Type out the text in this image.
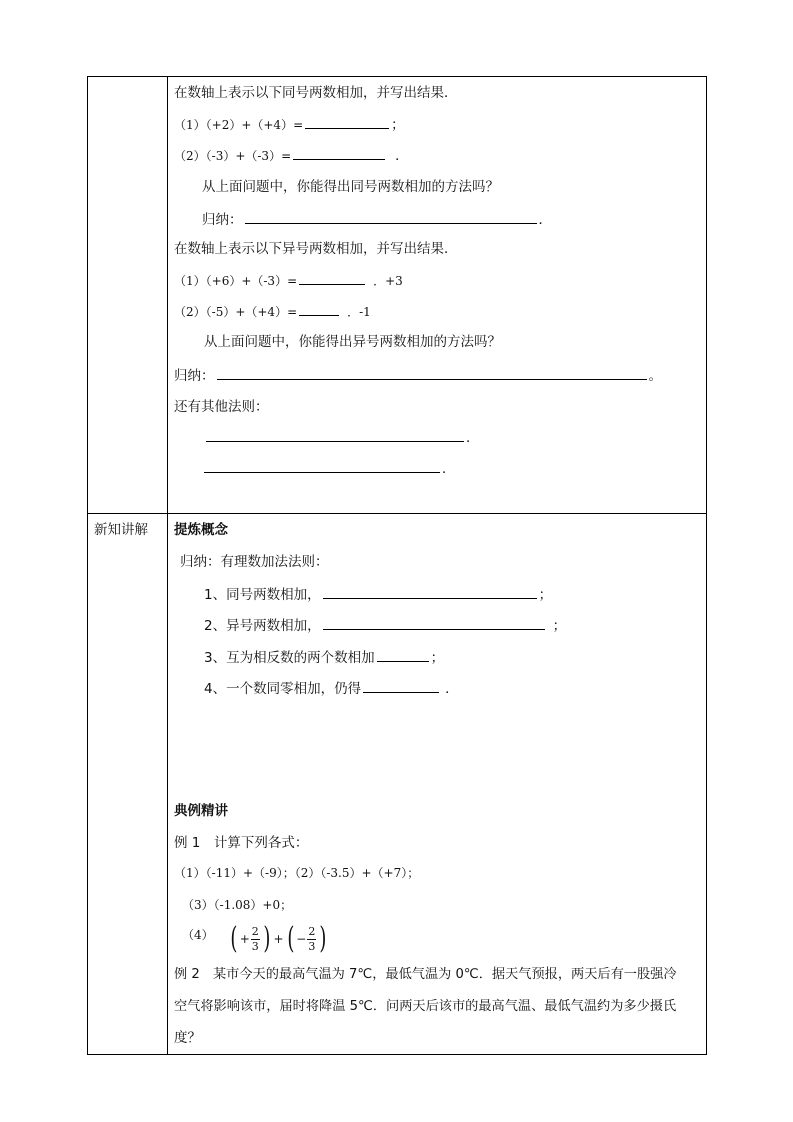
在数轴上表示以下同号两数相加，并写出结果．
（1）（+2）+（+4）=	；
（2）（-3）+（-3）=	．
从上面问题中，你能得出同号两数相加的方法吗？
归纳：	．
在数轴上表示以下异号两数相加，并写出结果．
（1）（+6）+（-3）=	．+3
（2）（-5）+（+4）=	．-1
从上面问题中，你能得出异号两数相加的方法吗？
归纳：	。
还有其他法则：
．
．
新知讲解 提炼概念
归纳：有理数加法法则：
1、同号两数相加，	；
2、异号两数相加，	；
3、互为相反数的两个数相加	；
4、一个数同零相加，仍得	．
典例精讲
例 1　计算下列各式：
（1）（-11）+（-9）；（2）（-3.5）+（+7）；
（3）（-1.08）+0；
（4） ( + $\frac{2}{3}$ ) + ( − $\frac{2}{3}$ )
例 2　某市今天的最高气温为 7℃，最低气温为 0℃．据天气预报，两天后有一股强冷
空气将影响该市，届时将降温 5℃．问两天后该市的最高气温、最低气温约为多少摄氏
度？
